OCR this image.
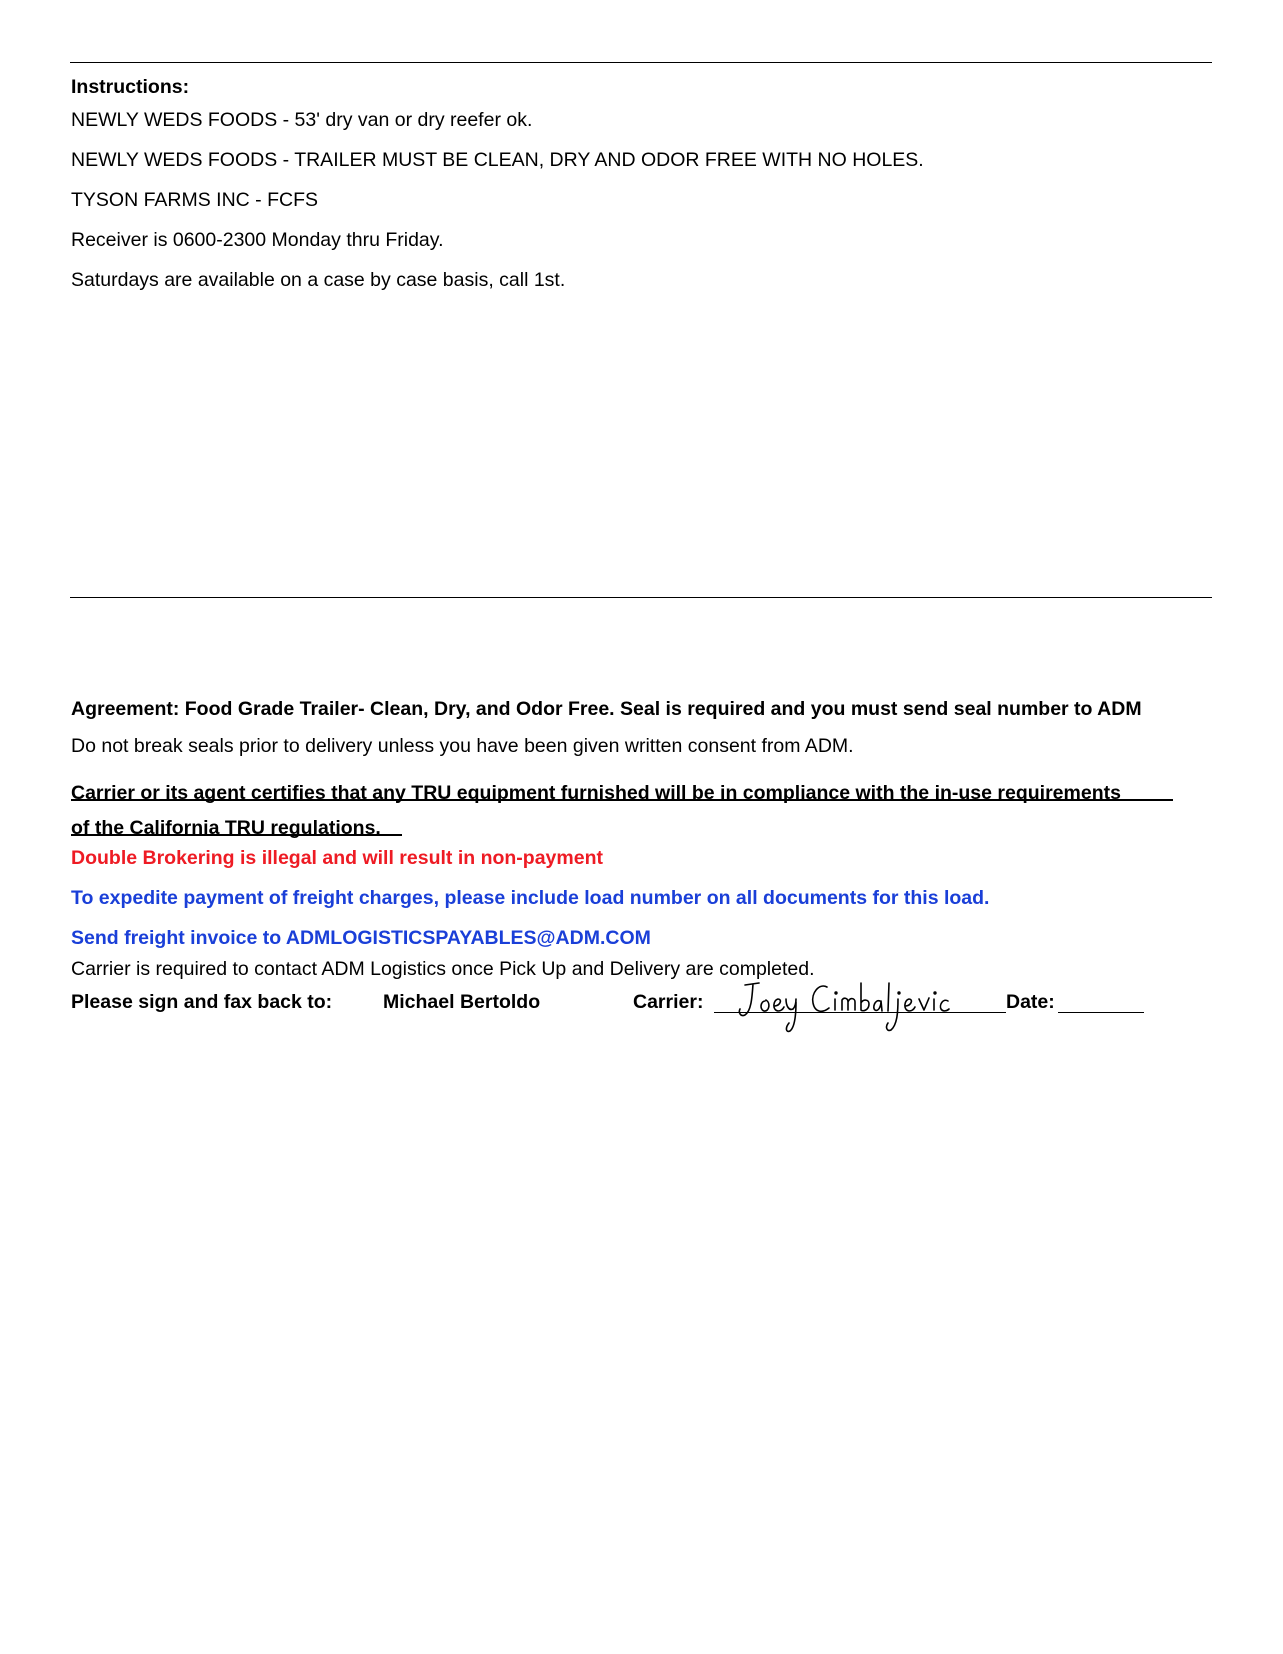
Instructions:
NEWLY WEDS FOODS - 53' dry van or dry reefer ok.
NEWLY WEDS FOODS - TRAILER MUST BE CLEAN, DRY AND ODOR FREE WITH NO HOLES.
TYSON FARMS INC - FCFS
Receiver is 0600-2300 Monday thru Friday.
Saturdays are available on a case by case basis, call 1st.
Agreement: Food Grade Trailer- Clean, Dry, and Odor Free. Seal is required and you must send seal number to ADM
Do not break seals prior to delivery unless you have been given written consent from ADM.
Carrier or its agent certifies that any TRU equipment furnished will be in compliance with the in-use requirements
of the California TRU regulations.
Double Brokering is illegal and will result in non-payment
To expedite payment of freight charges, please include load number on all documents for this load.
Send freight invoice to ADMLOGISTICSPAYABLES@ADM.COM
Carrier is required to contact ADM Logistics once Pick Up and Delivery are completed.
Please sign and fax back to:	Michael Bertoldo	Carrier:	Date:
